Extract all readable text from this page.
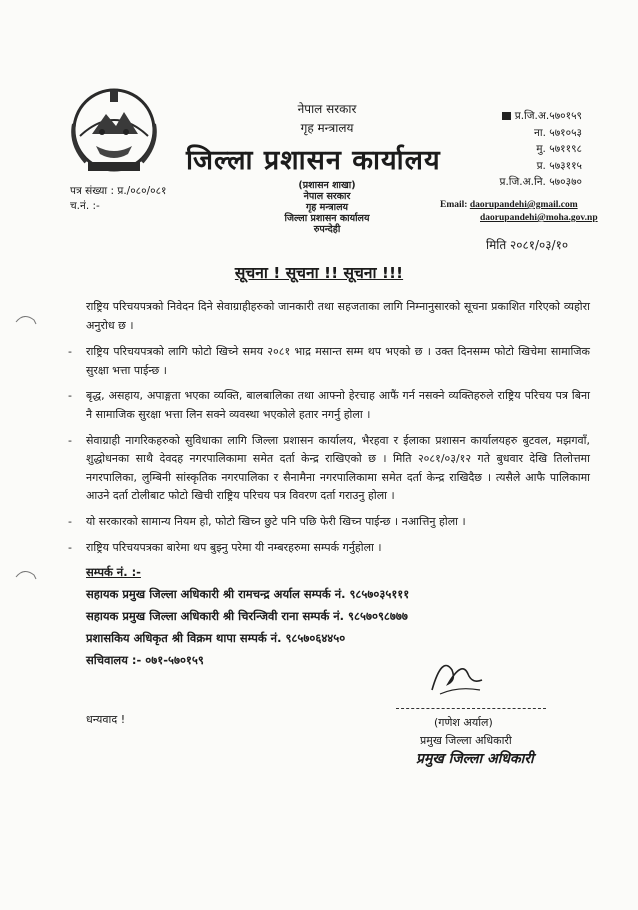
नेपाल सरकार
गृह मन्त्रालय
जिल्ला प्रशासन कार्यालय
प्र.जि.अ.५७०१५९
ना. ५७१०५३
मु. ५७११९८
प्र. ५७३११५
प्र.जि.अ.नि. ५७०३७०
पत्र संख्या : प्र./०८०/०८१
च.नं. :-
(प्रशासन शाखा)
नेपाल सरकार
गृह मन्त्रालय
जिल्ला प्रशासन कार्यालय
रुपन्देही
Email: daorupandehi@gmail.com
daorupandehi@moha.gov.np
मिति २०८१/०३/१०
सूचना ! सूचना !! सूचना !!!

राष्ट्रिय परिचयपत्रको निवेदन दिने सेवाग्राहीहरुको जानकारी तथा सहजताका लागि निम्नानुसारको सूचना प्रकाशित गरिएको व्यहोरा अनुरोध छ ।

- राष्ट्रिय परिचयपत्रको लागि फोटो खिच्ने समय २०८१ भाद्र मसान्त सम्म थप भएको छ । उक्त दिनसम्म फोटो खिचेमा सामाजिक सुरक्षा भत्ता पाईन्छ ।
- बृद्ध, असहाय, अपाङ्गता भएका व्यक्ति, बालबालिका तथा आफ्नो हेरचाह आफैं गर्न नसक्ने व्यक्तिहरुले राष्ट्रिय परिचय पत्र बिना नै सामाजिक सुरक्षा भत्ता लिन सक्ने व्यवस्था भएकोले हतार नगर्नु होला ।
- सेवाग्राही नागरिकहरुको सुविधाका लागि जिल्ला प्रशासन कार्यालय, भैरहवा र ईलाका प्रशासन कार्यालयहरु बुटवल, मझगवाँ, शुद्धोधनका साथै देवदह नगरपालिकामा समेत दर्ता केन्द्र राखिएको छ । मिति २०८१/०३/१२ गते बुधवार देखि तिलोत्तमा नगरपालिका, लुम्बिनी सांस्कृतिक नगरपालिका र सैनामैना नगरपालिकामा समेत दर्ता केन्द्र राखिदैछ । त्यसैले आफै पालिकामा आउने दर्ता टोलीबाट फोटो खिची राष्ट्रिय परिचय पत्र विवरण दर्ता गराउनु होला ।
- यो सरकारको सामान्य नियम हो, फोटो खिच्न छुटे पनि पछि फेरी खिच्न पाईन्छ । नआत्तिनु होला ।
- राष्ट्रिय परिचयपत्रका बारेमा थप बुझ्नु परेमा यी नम्बरहरुमा सम्पर्क गर्नुहोला ।
सम्पर्क नं. :-
सहायक प्रमुख जिल्ला अधिकारी श्री रामचन्द्र अर्याल सम्पर्क नं. ९८५७०३५१११
सहायक प्रमुख जिल्ला अधिकारी श्री चिरन्जिवी राना सम्पर्क नं. ९८५७०९८७७७
प्रशासकिय अधिकृत श्री विक्रम थापा सम्पर्क नं. ९८५७०६४४५०
सचिवालय :- ०७१-५७०१५९
धन्यवाद !	(गणेश अर्याल)
प्रमुख जिल्ला अधिकारी
प्रमुख जिल्ला अधिकारी
